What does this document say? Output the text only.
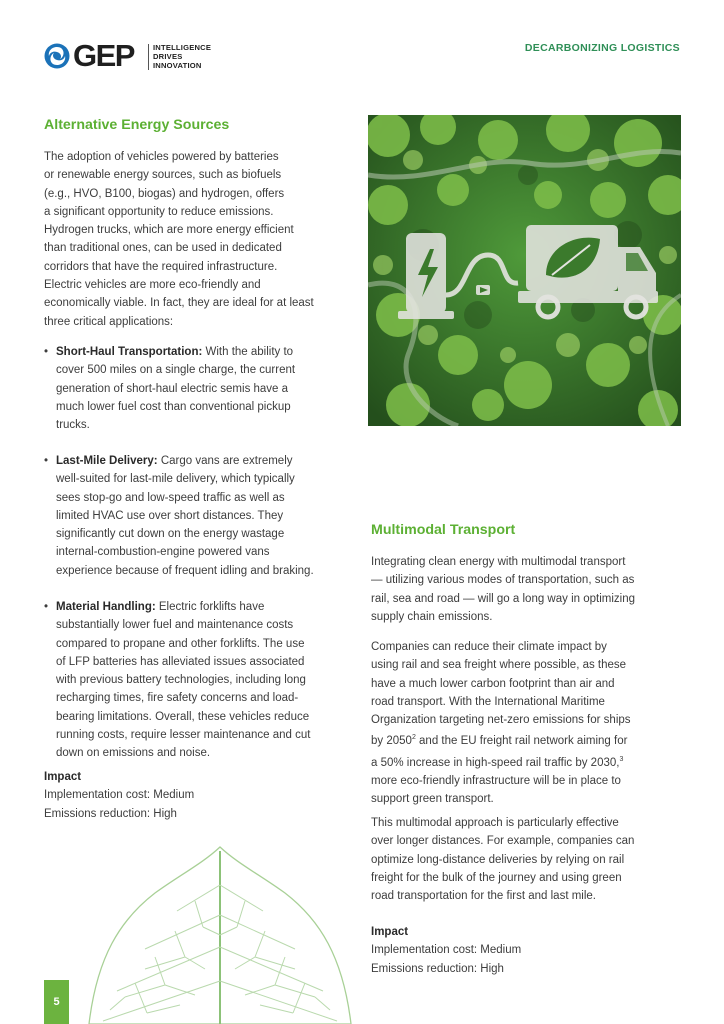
GEP	INTELLIGENCE
DRIVES
INNOVATION
DECARBONIZING LOGISTICS
Alternative Energy Sources
The adoption of vehicles powered by batteries
or renewable energy sources, such as biofuels
(e.g., HVO, B100, biogas) and hydrogen, offers
a significant opportunity to reduce emissions.
Hydrogen trucks, which are more energy efficient
than traditional ones, can be used in dedicated
corridors that have the required infrastructure.
Electric vehicles are more eco-friendly and
economically viable. In fact, they are ideal for at least
three critical applications:
• Short-Haul Transportation: With the ability to
cover 500 miles on a single charge, the current
generation of short-haul electric semis have a
much lower fuel cost than conventional pickup
trucks.
• Last-Mile Delivery: Cargo vans are extremely
well-suited for last-mile delivery, which typically
sees stop-go and low-speed traffic as well as
limited HVAC use over short distances. They
significantly cut down on the energy wastage
internal-combustion-engine powered vans
experience because of frequent idling and braking.
• Material Handling: Electric forklifts have
substantially lower fuel and maintenance costs
compared to propane and other forklifts. The use
of LFP batteries has alleviated issues associated
with previous battery technologies, including long
recharging times, fire safety concerns and load-
bearing limitations. Overall, these vehicles reduce
running costs, require lesser maintenance and cut
down on emissions and noise.
Impact
Implementation cost: Medium
Emissions reduction: High
Multimodal Transport
Integrating clean energy with multimodal transport
— utilizing various modes of transportation, such as
rail, sea and road — will go a long way in optimizing
supply chain emissions.
Companies can reduce their climate impact by
using rail and sea freight where possible, as these
have a much lower carbon footprint than air and
road transport. With the International Maritime
Organization targeting net-zero emissions for ships
by 2050$^2$ and the EU freight rail network aiming for
a 50% increase in high-speed rail traffic by 2030,$^3$
more eco-friendly infrastructure will be in place to
support green transport.
This multimodal approach is particularly effective
over longer distances. For example, companies can
optimize long-distance deliveries by relying on rail
freight for the bulk of the journey and using green
road transportation for the first and last mile.
Impact
Implementation cost: Medium
Emissions reduction: High
5
